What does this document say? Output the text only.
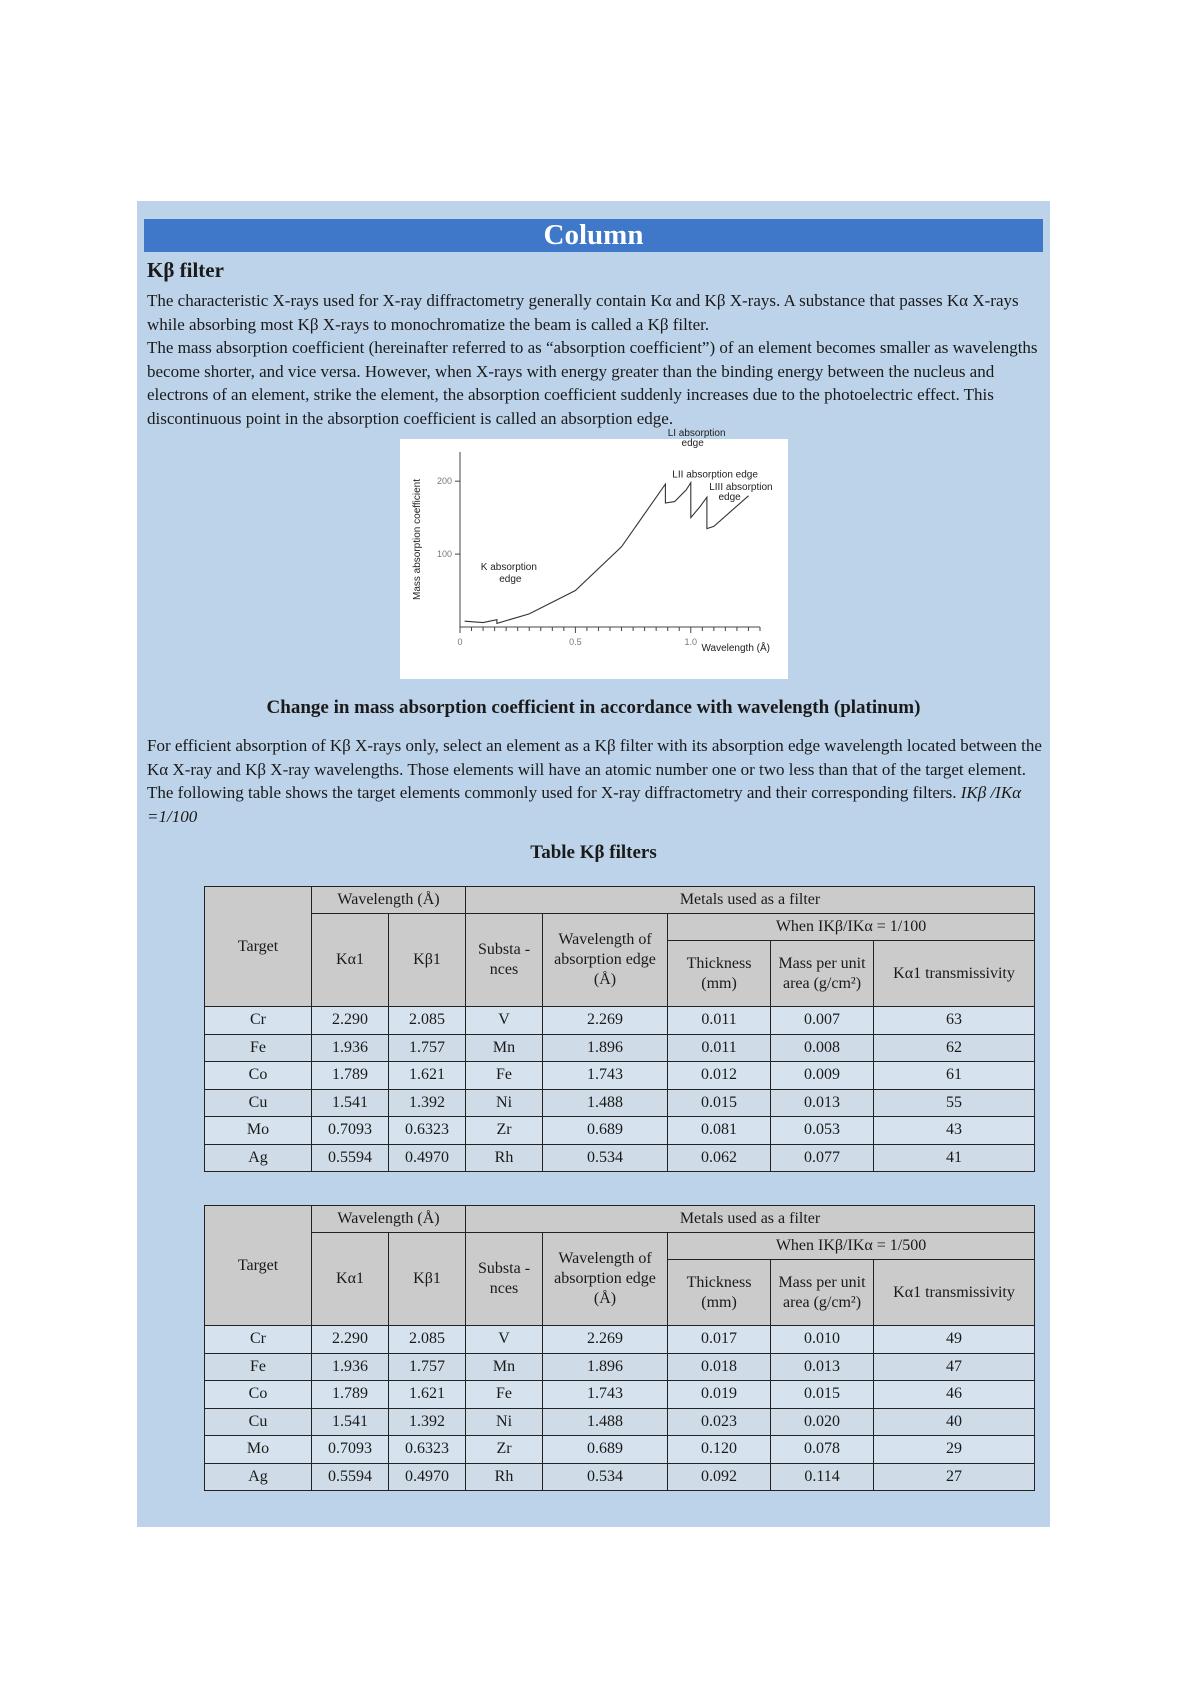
Column
Kβ filter
The characteristic X-rays used for X-ray diffractometry generally contain Kα and Kβ X-rays. A substance that passes Kα X-rays while absorbing most Kβ X-rays to monochromatize the beam is called a Kβ filter.
The mass absorption coefficient (hereinafter referred to as “absorption coefficient”) of an element becomes smaller as wavelengths become shorter, and vice versa. However, when X-rays with energy greater than the binding energy between the nucleus and electrons of an element, strike the element, the absorption coefficient suddenly increases due to the photoelectric effect. This discontinuous point in the absorption coefficient is called an absorption edge.
0	0.5	1.0
100
200
Mass absorption coefficient
Wavelength (Å)
K absorption
edge
LI absorption
edge
LII absorption edge
LIII absorption
edge
Change in mass absorption coefficient in accordance with wavelength (platinum)
For efficient absorption of Kβ X-rays only, select an element as a Kβ filter with its absorption edge wavelength located between the Kα X-ray and Kβ X-ray wavelengths. Those elements will have an atomic number one or two less than that of the target element. The following table shows the target elements commonly used for X-ray diffractometry and their corresponding filters. IKβ /IKα =1/100
Table Kβ filters
Target	Wavelength (Å)		Metals used as a filter				
	Kα1	Kβ1	Substa -nces	Wavelength of absorption edge (Å)	When IKβ/IKα = 1/100		
					Thickness (mm)	Mass per unit area (g/cm²)	Kα1 transmissivity
Cr	2.290	2.085	V	2.269	0.011	0.007	63
Fe	1.936	1.757	Mn	1.896	0.011	0.008	62
Co	1.789	1.621	Fe	1.743	0.012	0.009	61
Cu	1.541	1.392	Ni	1.488	0.015	0.013	55
Mo	0.7093	0.6323	Zr	0.689	0.081	0.053	43
Ag	0.5594	0.4970	Rh	0.534	0.062	0.077	41
Target	Wavelength (Å)		Metals used as a filter				
	Kα1	Kβ1	Substa -nces	Wavelength of absorption edge (Å)	When IKβ/IKα = 1/500		
					Thickness (mm)	Mass per unit area (g/cm²)	Kα1 transmissivity
Cr	2.290	2.085	V	2.269	0.017	0.010	49
Fe	1.936	1.757	Mn	1.896	0.018	0.013	47
Co	1.789	1.621	Fe	1.743	0.019	0.015	46
Cu	1.541	1.392	Ni	1.488	0.023	0.020	40
Mo	0.7093	0.6323	Zr	0.689	0.120	0.078	29
Ag	0.5594	0.4970	Rh	0.534	0.092	0.114	27
